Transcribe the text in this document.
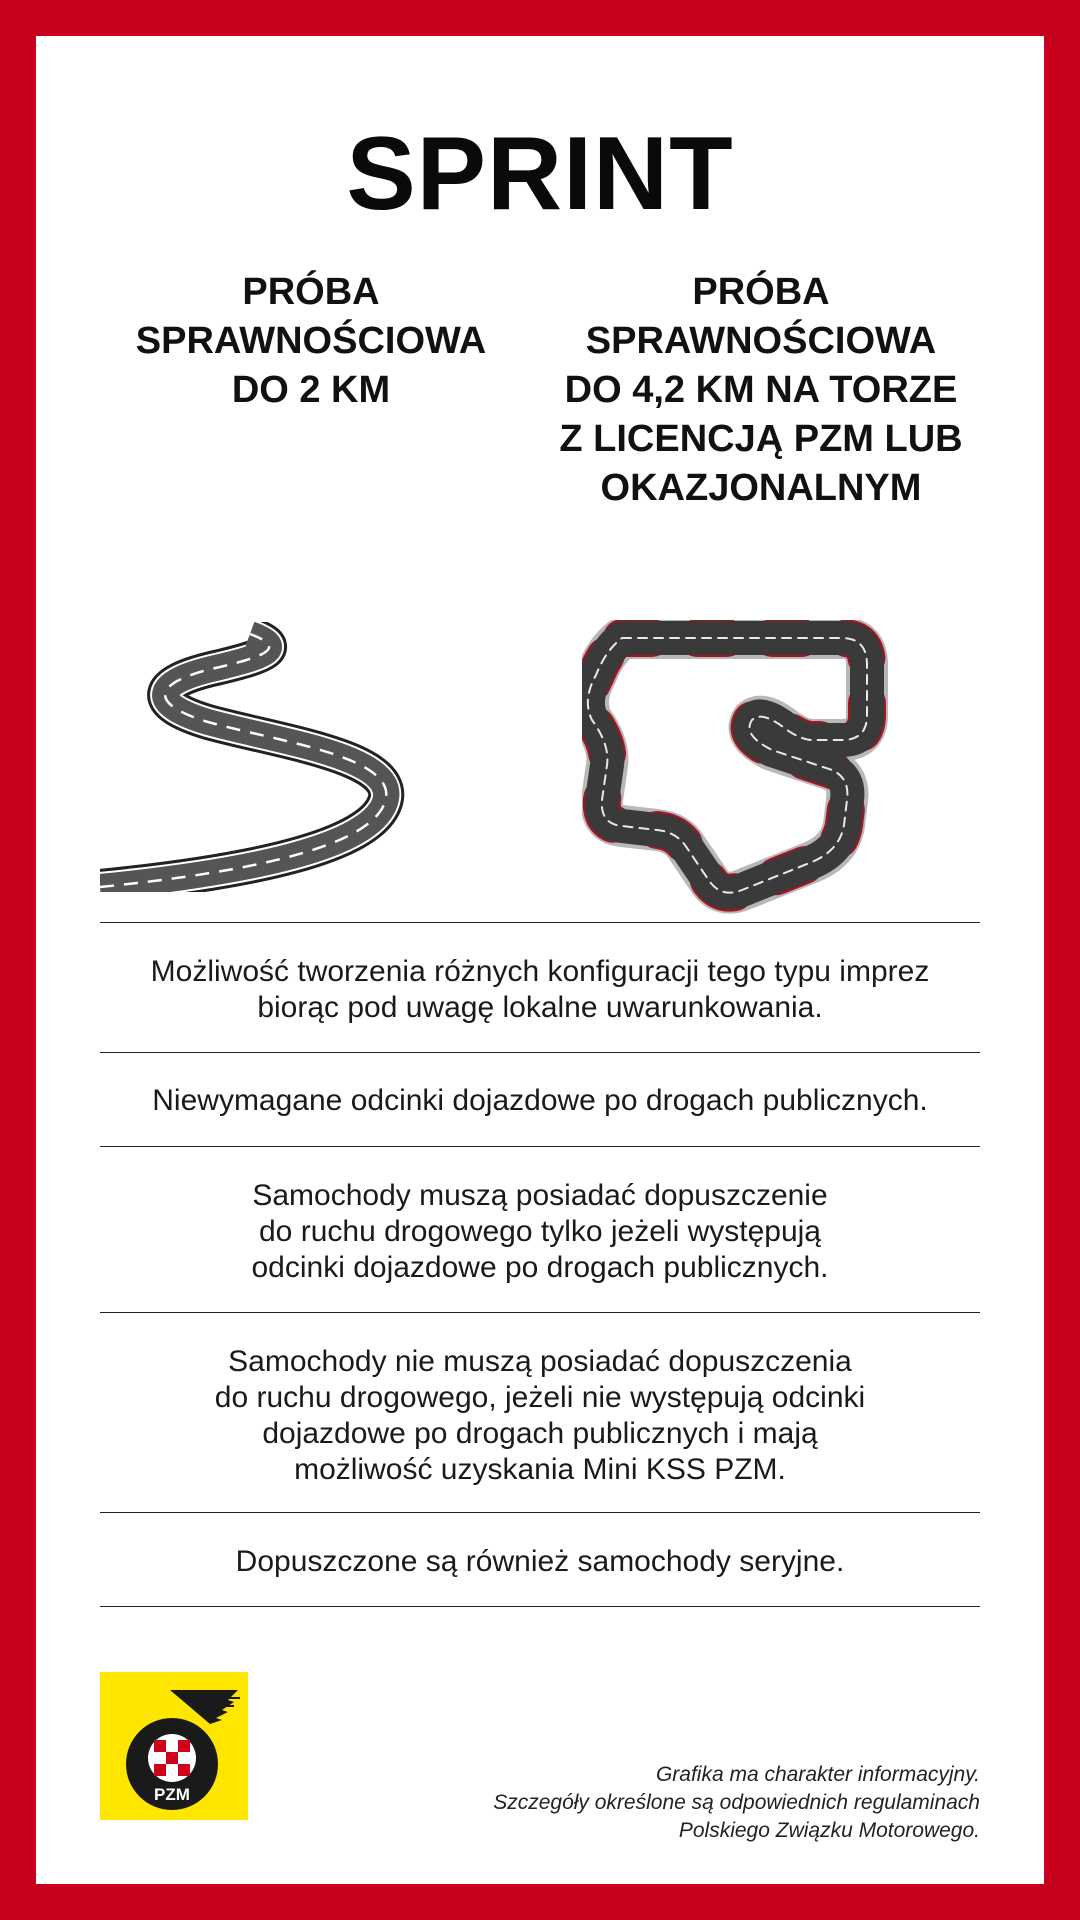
SPRINT
PRÓBA
SPRAWNOŚCIOWA
DO 2 KM
PRÓBA
SPRAWNOŚCIOWA
DO 4,2 KM NA TORZE
Z LICENCJĄ PZM LUB
OKAZJONALNYM
Możliwość tworzenia różnych konfiguracji tego typu imprez
biorąc pod uwagę lokalne uwarunkowania.
Niewymagane odcinki dojazdowe po drogach publicznych.
Samochody muszą posiadać dopuszczenie
do ruchu drogowego tylko jeżeli występują
odcinki dojazdowe po drogach publicznych.
Samochody nie muszą posiadać dopuszczenia
do ruchu drogowego, jeżeli nie występują odcinki
dojazdowe po drogach publicznych i mają
możliwość uzyskania Mini KSS PZM.
Dopuszczone są również samochody seryjne.
PZM
Grafika ma charakter informacyjny.
Szczegóły określone są odpowiednich regulaminach
Polskiego Związku Motorowego.
